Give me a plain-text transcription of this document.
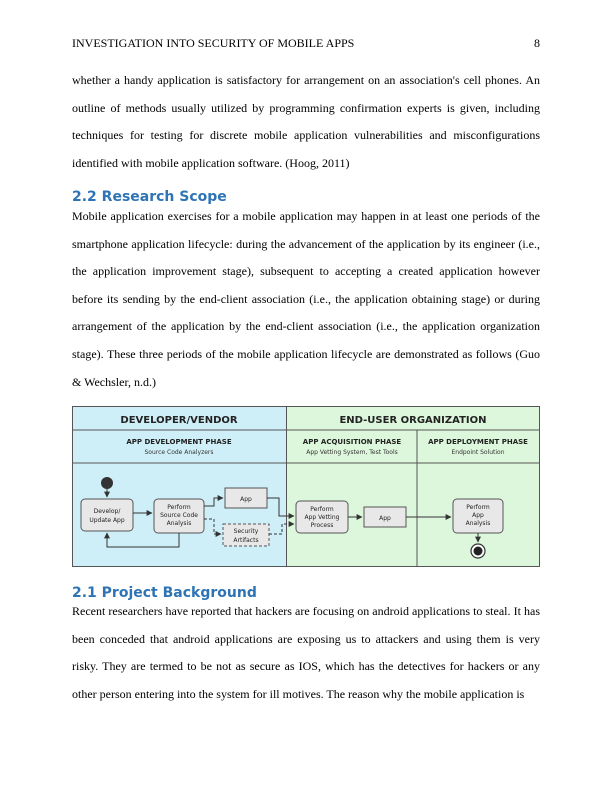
INVESTIGATION INTO SECURITY OF MOBILE APPS	8

whether a handy application is satisfactory for arrangement on an association's cell phones. An outline of methods usually utilized by programming confirmation experts is given, including techniques for testing for discrete mobile application vulnerabilities and misconfigurations identified with mobile application software. (Hoog, 2011)

2.2 Research Scope

Mobile application exercises for a mobile application may happen in at least one periods of the smartphone application lifecycle: during the advancement of the application by its engineer (i.e., the application improvement stage), subsequent to accepting a created application however before its sending by the end-client association (i.e., the application obtaining stage) or during arrangement of the application by the end-client association (i.e., the application organization stage). These three periods of the mobile application lifecycle are demonstrated as follows (Guo & Wechsler, n.d.)

DEVELOPER/VENDOR	END-USER ORGANIZATION
APP DEVELOPMENT PHASE
Source Code Analyzers
APP ACQUISITION PHASE
App Vetting System, Test Tools
APP DEPLOYMENT PHASE
Endpoint Solution
Develop/
Update App
Perform
Source Code
Analysis
App
Security
Artifacts
Perform
App Vetting
Process
App
Perform
App
Analysis
2.1 Project Background

Recent researchers have reported that hackers are focusing on android applications to steal. It has been conceded that android applications are exposing us to attackers and using them is very risky. They are termed to be not as secure as IOS, which has the detectives for hackers or any other person entering into the system for ill motives. The reason why the mobile application is
